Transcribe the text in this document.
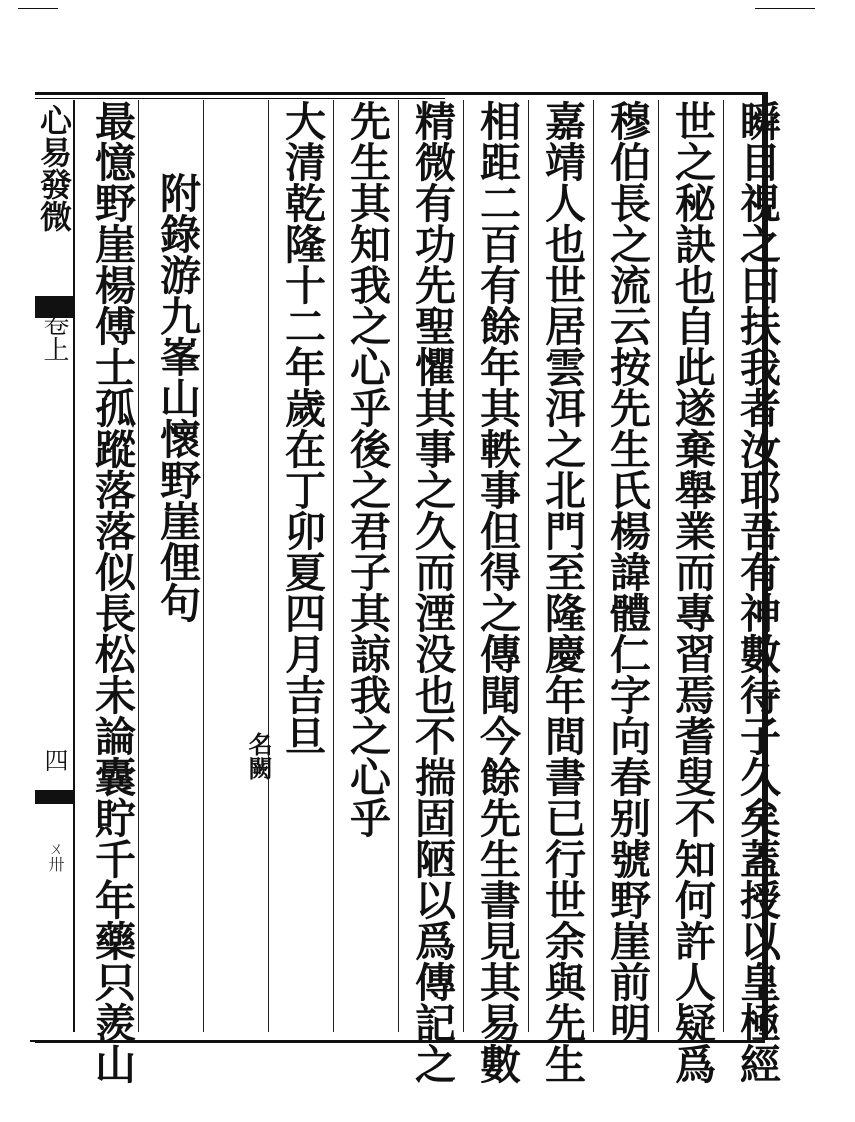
心易發微
卷上
四
ㄨ卅	瞬目視之曰扶我者汝耶吾有神數待子久矣蓋授以皇極經
世之秘訣也自此遂棄舉業而專習焉耆叟不知何許人疑爲
穆伯長之流云按先生氏楊諱體仁字向春别號野崖前明
嘉靖人也世居雲洱之北門至隆慶年間書已行世余與先生
相距二百有餘年其軼事但得之傳聞今餘先生書見其易數
精微有功先聖懼其事之久而湮没也不揣固陋以爲傳記之
先生其知我之心乎後之君子其諒我之心乎
大清乾隆十二年歲在丁卯夏四月吉旦
名闕
附錄游九峯山懷野崖俚句
最憶野崖楊傅士孤蹤落落似長松未論囊貯千年藥只羨山
